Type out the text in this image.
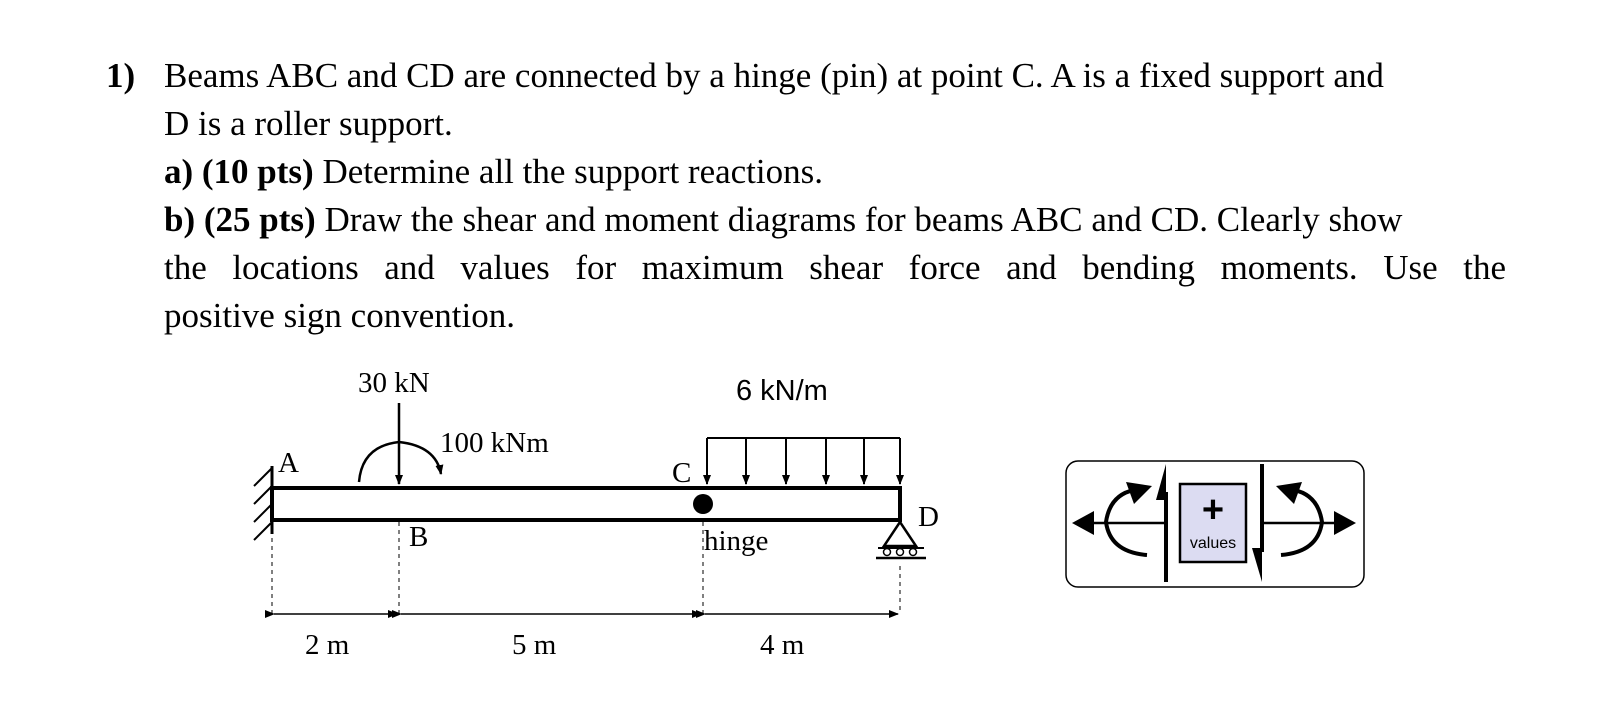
1) Beams ABC and CD are connected by a hinge (pin) at point C. A is a fixed support and
D is a roller support.
a) (10 pts) Determine all the support reactions.
b) (25 pts) Draw the shear and moment diagrams for beams ABC and CD. Clearly show
the locations and values for maximum shear force and bending moments. Use the
positive sign convention.
A
B
C
D
hinge
30 kN
100 kNm
6 kN/m
2 m	5 m	4 m
+
values
